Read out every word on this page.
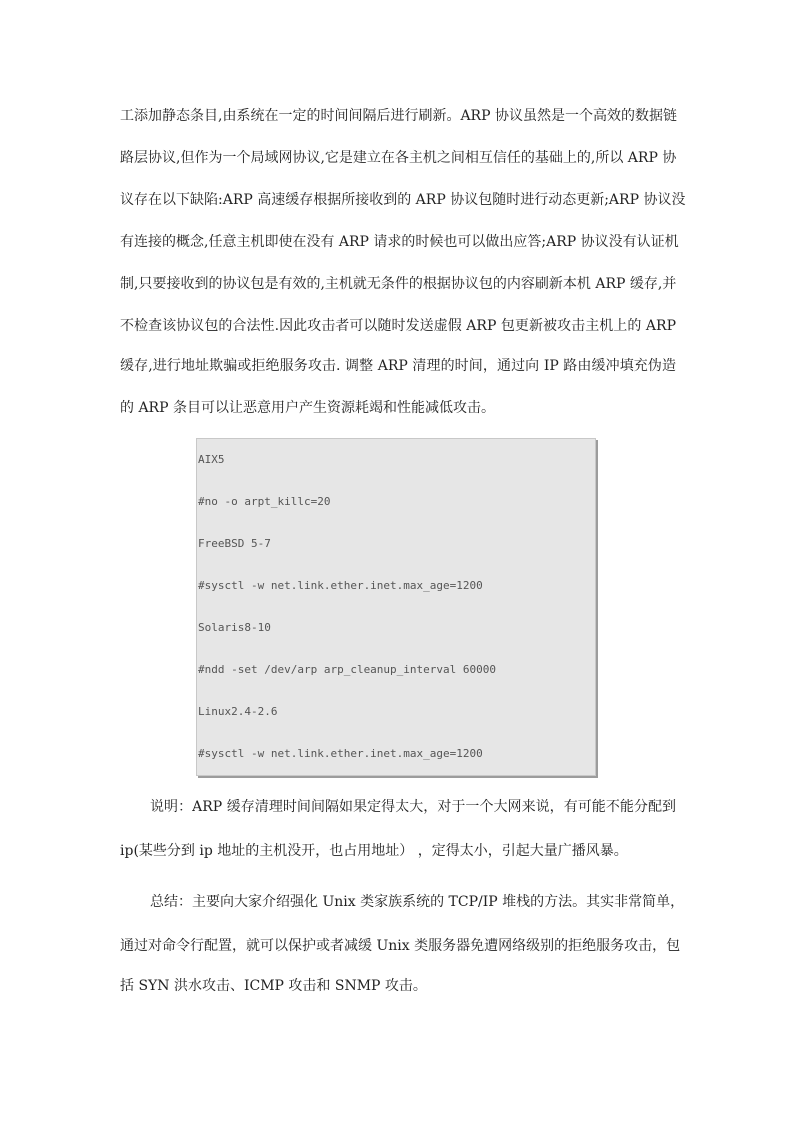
工添加静态条目,由系统在一定的时间间隔后进行刷新。ARP 协议虽然是一个高效的数据链
路层协议,但作为一个局域网协议,它是建立在各主机之间相互信任的基础上的,所以 ARP 协
议存在以下缺陷:ARP 高速缓存根据所接收到的 ARP 协议包随时进行动态更新;ARP 协议没
有连接的概念,任意主机即使在没有 ARP 请求的时候也可以做出应答;ARP 协议没有认证机
制,只要接收到的协议包是有效的,主机就无条件的根据协议包的内容刷新本机 ARP 缓存,并
不检查该协议包的合法性.因此攻击者可以随时发送虚假 ARP 包更新被攻击主机上的 ARP
缓存,进行地址欺骗或拒绝服务攻击. 调整 ARP 清理的时间，通过向 IP 路由缓冲填充伪造
的 ARP 条目可以让恶意用户产生资源耗竭和性能减低攻击。
AIX5
#no -o arpt_killc=20
FreeBSD 5-7
#sysctl -w net.link.ether.inet.max_age=1200
Solaris8-10
#ndd -set /dev/arp arp_cleanup_interval 60000
Linux2.4-2.6
#sysctl -w net.link.ether.inet.max_age=1200
说明：ARP 缓存清理时间间隔如果定得太大，对于一个大网来说，有可能不能分配到
ip(某些分到 ip 地址的主机没开，也占用地址） ，定得太小，引起大量广播风暴。
总结：主要向大家介绍强化 Unix 类家族系统的 TCP/IP 堆栈的方法。其实非常简单，
通过对命令行配置，就可以保护或者减缓 Unix 类服务器免遭网络级别的拒绝服务攻击，包
括 SYN 洪水攻击、ICMP 攻击和 SNMP 攻击。
